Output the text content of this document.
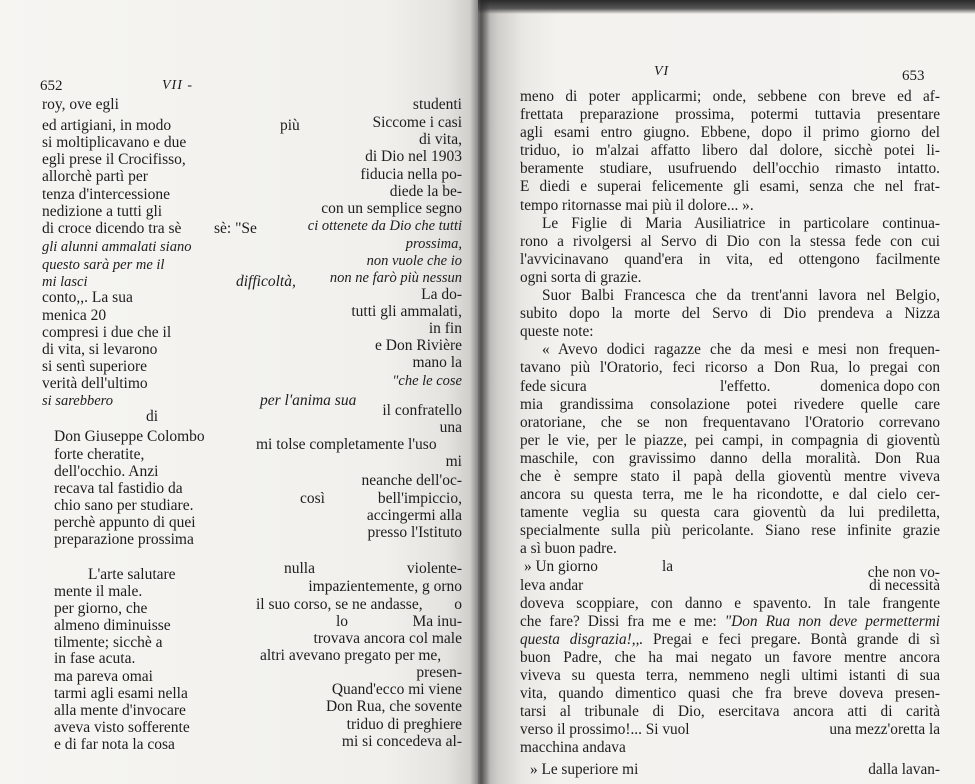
652	VII -
roy, ove egli
ed artigiani, in modo
si moltiplicavano e due
egli prese il Crocifisso,
allorchè partì per
tenza d'intercessione
nedizione a tutti gli
di croce dicendo tra sè
gli alunni ammalati siano
questo sarà per me il
mi lasci
conto,,. La sua
menica 20
compresi i due che il
di vita, si levarono
si sentì superiore
verità dell'ultimo
si sarebbero
di
Don Giuseppe Colombo
forte cheratite,
dell'occhio. Anzi
recava tal fastidio da
chio sano per studiare.
perchè appunto di quei
preparazione prossima
L'arte salutare
mente il male.
per giorno, che
almeno diminuisse
tilmente; sicchè a
in fase acuta.
ma pareva omai
tarmi agli esami nella
alla mente d'invocare
aveva visto sofferente
e di far nota la cosa
più
sè: "Se
difficoltà,
per l'anima sua
mi tolse completamente l'uso
così
nulla
il suo corso, se ne andasse,
lo
altri avevano pregato per me,
studenti
Siccome i casi
di vita,
di Dio nel 1903
fiducia nella po-
diede la be-
con un semplice segno
ci ottenete da Dio che tutti
prossima,
non vuole che io
non ne farò più nessun
La do-
tutti gli ammalati,
in fin
e Don Rivière
mano la
"che le cose
il confratello
una
mi
neanche dell'oc-
bell'impiccio,
accingermi alla
presso l'Istituto
violente-
impazientemente, g orno
o
Ma inu-
trovava ancora col male
presen-
Quand'ecco mi viene
Don Rua, che sovente
triduo di preghiere
mi si concedeva al-
VI	653
meno di poter applicarmi; onde, sebbene con breve ed af-
frettata preparazione prossima, potermi tuttavia presentare
agli esami entro giugno. Ebbene, dopo il primo giorno del
triduo, io m'alzai affatto libero dal dolore, sicchè potei li-
beramente studiare, usufruendo dell'occhio rimasto intatto.
E diedi e superai felicemente gli esami, senza che nel frat-
tempo ritornasse mai più il dolore... ».
Le Figlie di Maria Ausiliatrice in particolare continua-
rono a rivolgersi al Servo di Dio con la stessa fede con cui
l'avvicinavano quand'era in vita, ed ottengono facilmente
ogni sorta di grazie.
Suor Balbi Francesca che da trent'anni lavora nel Belgio,
subito dopo la morte del Servo di Dio prendeva a Nizza
queste note:
« Avevo dodici ragazze che da mesi e mesi non frequen-
tavano più l'Oratorio, feci ricorso a Don Rua, lo pregai con
fede sicura	l'effetto.	domenica dopo con
mia grandissima consolazione potei rivedere quelle care
oratoriane, che se non frequentavano l'Oratorio correvano
per le vie, per le piazze, pei campi, in compagnia di gioventù
maschile, con gravissimo danno della moralità. Don Rua
che è sempre stato il papà della gioventù mentre viveva
ancora su questa terra, me le ha ricondotte, e dal cielo cer-
tamente veglia su questa cara gioventù da lui prediletta,
specialmente sulla più pericolante. Siano rese infinite grazie
a sì buon padre.
» Un giorno	la	che non vo-
leva andar	di necessità
doveva scoppiare, con danno e spavento. In tale frangente
che fare? Dissi fra me e me: "Don Rua non deve permettermi
questa disgrazia!,,. Pregai e feci pregare. Bontà grande di sì
buon Padre, che ha mai negato un favore mentre ancora
viveva su questa terra, nemmeno negli ultimi istanti di sua
vita, quando dimentico quasi che fra breve doveva presen-
tarsi al tribunale di Dio, esercitava ancora atti di carità
verso il prossimo!... Si vuol	una mezz'oretta la
macchina andava
» Le superiore mi	dalla lavan-
